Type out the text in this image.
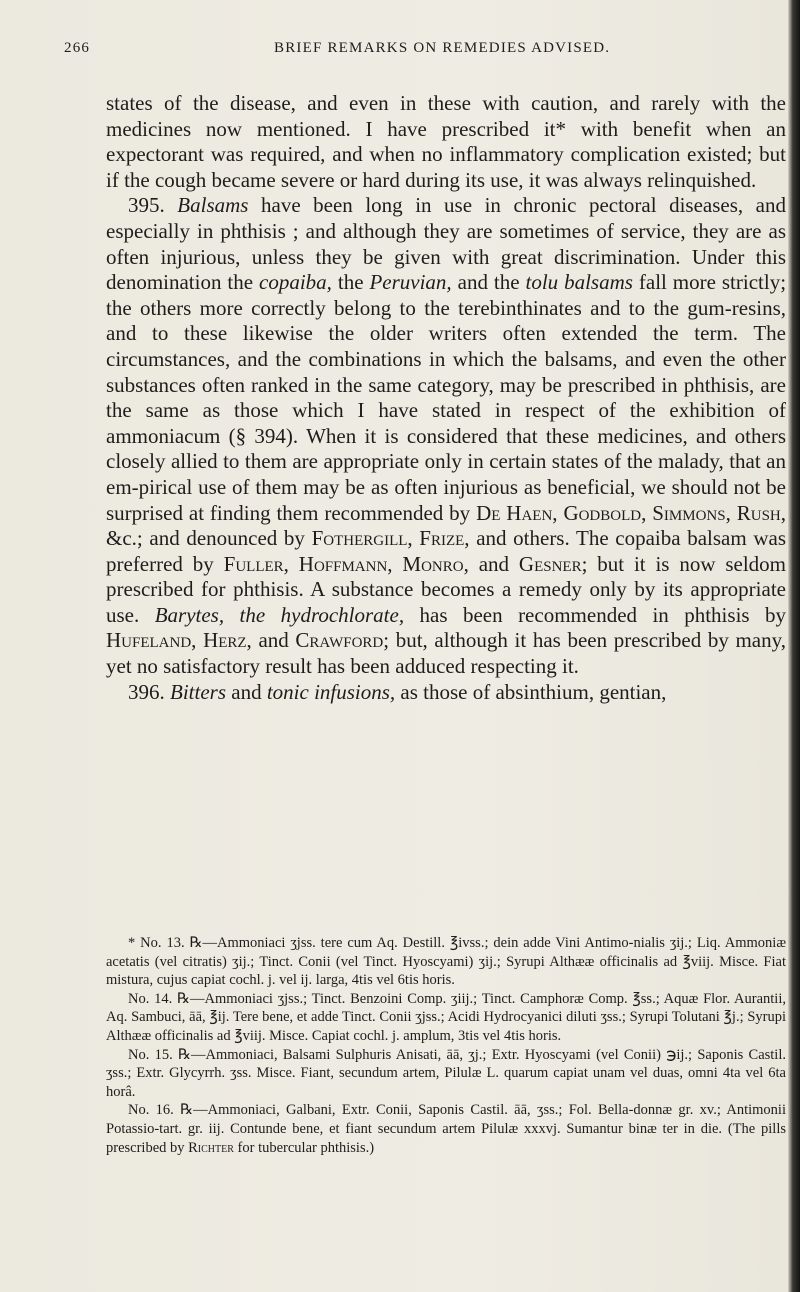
266	BRIEF REMARKS ON REMEDIES ADVISED.

states of the disease, and even in these with caution, and rarely with the medicines now mentioned. I have prescribed it* with benefit when an expectorant was required, and when no inflammatory complication existed; but if the cough became severe or hard during its use, it was always relinquished.

395. Balsams have been long in use in chronic pectoral diseases, and especially in phthisis ; and although they are sometimes of service, they are as often injurious, unless they be given with great discrimination. Under this denomination the copaiba, the Peruvian, and the tolu balsams fall more strictly; the others more correctly belong to the terebinthinates and to the gum-resins, and to these likewise the older writers often extended the term. The circumstances, and the combinations in which the balsams, and even the other substances often ranked in the same category, may be prescribed in phthisis, are the same as those which I have stated in respect of the exhibition of ammoniacum (§ 394). When it is considered that these medicines, and others closely allied to them are appropriate only in certain states of the malady, that an em-pirical use of them may be as often injurious as beneficial, we should not be surprised at finding them recommended by De Haen, Godbold, Simmons, Rush, &c.; and denounced by Fothergill, Frize, and others. The copaiba balsam was preferred by Fuller, Hoffmann, Monro, and Gesner; but it is now seldom prescribed for phthisis. A substance becomes a remedy only by its appropriate use. Barytes, the hydrochlorate, has been recommended in phthisis by Hufeland, Herz, and Crawford; but, although it has been prescribed by many, yet no satisfactory result has been adduced respecting it.

396. Bitters and tonic infusions, as those of absinthium, gentian,

* No. 13. ℞—Ammoniaci ʒjss. tere cum Aq. Destill. ℥ivss.; dein adde Vini Antimo-nialis ʒij.; Liq. Ammoniæ acetatis (vel citratis) ʒij.; Tinct. Conii (vel Tinct. Hyoscyami) ʒij.; Syrupi Althææ officinalis ad ℥viij. Misce. Fiat mistura, cujus capiat cochl. j. vel ij. larga, 4tis vel 6tis horis.

No. 14. ℞—Ammoniaci ʒjss.; Tinct. Benzoini Comp. ʒiij.; Tinct. Camphoræ Comp. ℥ss.; Aquæ Flor. Aurantii, Aq. Sambuci, āā, ℥ij. Tere bene, et adde Tinct. Conii ʒjss.; Acidi Hydrocyanici diluti ʒss.; Syrupi Tolutani ℥j.; Syrupi Althææ officinalis ad ℥viij. Misce. Capiat cochl. j. amplum, 3tis vel 4tis horis.

No. 15. ℞—Ammoniaci, Balsami Sulphuris Anisati, āā, ʒj.; Extr. Hyoscyami (vel Conii) ℈ij.; Saponis Castil. ʒss.; Extr. Glycyrrh. ʒss. Misce. Fiant, secundum artem, Pilulæ L. quarum capiat unam vel duas, omni 4ta vel 6ta horâ.

No. 16. ℞—Ammoniaci, Galbani, Extr. Conii, Saponis Castil. āā, ʒss.; Fol. Bella-donnæ gr. xv.; Antimonii Potassio-tart. gr. iij. Contunde bene, et fiant secundum artem Pilulæ xxxvj. Sumantur binæ ter in die. (The pills prescribed by Richter for tubercular phthisis.)
